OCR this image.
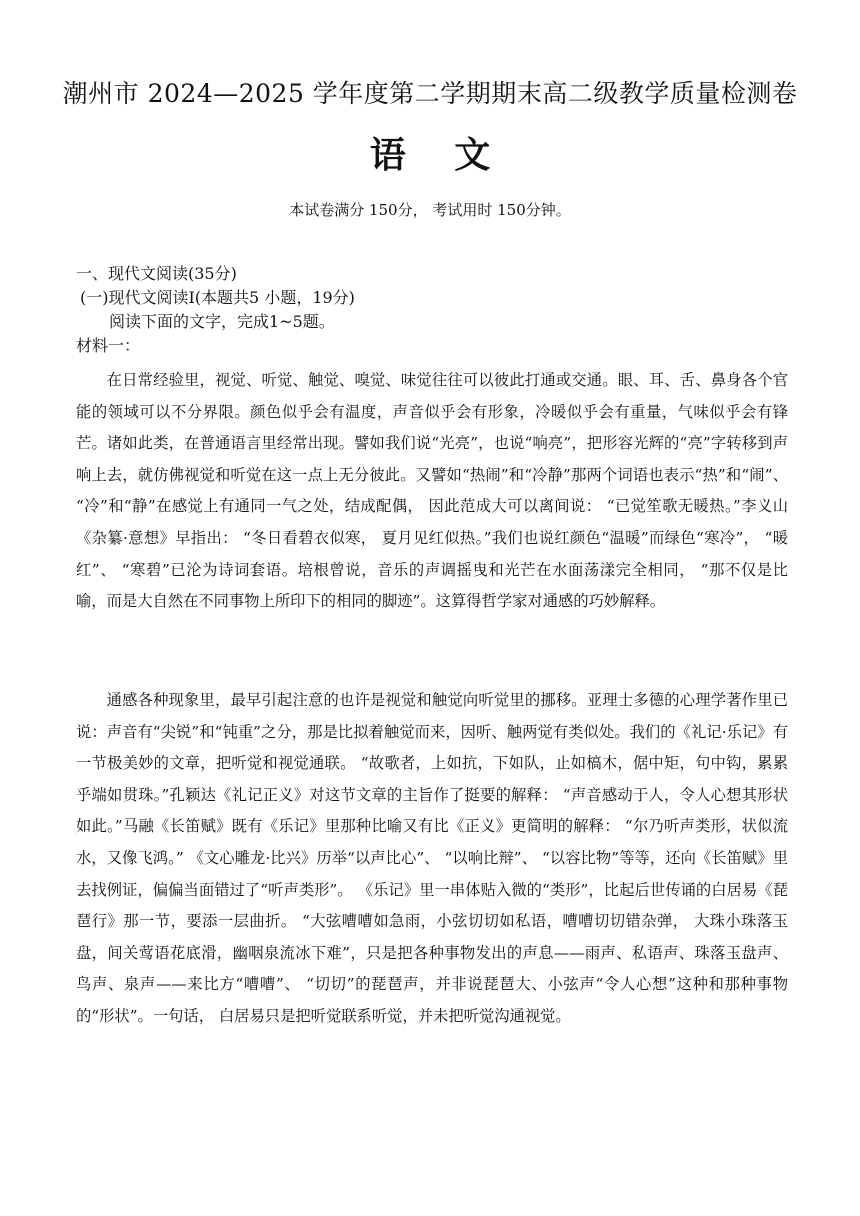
潮州市 2024—2025 学年度第二学期期末高二级教学质量检测卷
语 文
本试卷满分 150分， 考试用时 150分钟。
一、现代文阅读(35分)
(一)现代文阅读Ⅰ(本题共5 小题，19分)
阅读下面的文字，完成1~5题。
材料一：
在日常经验里，视觉、听觉、触觉、嗅觉、味觉往往可以彼此打通或交通。眼、耳、舌、鼻身各个官能的领域可以不分界限。颜色似乎会有温度，声音似乎会有形象，冷暖似乎会有重量，气味似乎会有锋芒。诸如此类，在普通语言里经常出现。譬如我们说“光亮”，也说“响亮”，把形容光辉的“亮”字转移到声响上去，就仿佛视觉和听觉在这一点上无分彼此。又譬如“热闹”和“冷静”那两个词语也表示“热”和“闹”、 “冷”和“静”在感觉上有通同一气之处，结成配偶， 因此范成大可以离间说： “已觉笙歌无暖热。”李义山《杂纂·意想》早指出： “冬日看碧衣似寒， 夏月见红似热。”我们也说红颜色“温暖”而绿色“寒冷”， “暖红”、 “寒碧”已沦为诗词套语。培根曾说，音乐的声调摇曳和光芒在水面荡漾完全相同， “那不仅是比喻，而是大自然在不同事物上所印下的相同的脚迹”。这算得哲学家对通感的巧妙解释。
通感各种现象里，最早引起注意的也许是视觉和触觉向听觉里的挪移。亚理士多德的心理学著作里已说：声音有“尖锐”和“钝重”之分，那是比拟着触觉而来，因听、触两觉有类似处。我们的《礼记·乐记》有一节极美妙的文章，把听觉和视觉通联。 “故歌者，上如抗，下如队，止如槁木，倨中矩，句中钩，累累乎端如贯珠。”孔颖达《礼记正义》对这节文章的主旨作了挺要的解释： “声音感动于人，令人心想其形状如此。”马融《长笛赋》既有《乐记》里那种比喻又有比《正义》更简明的解释： “尔乃听声类形，状似流水，又像飞鸿。” 《文心雕龙·比兴》历举“以声比心”、 “以响比辩”、 “以容比物”等等，还向《长笛赋》里去找例证，偏偏当面错过了“听声类形”。 《乐记》里一串体贴入微的“类形”，比起后世传诵的白居易《琵琶行》那一节，要添一层曲折。 “大弦嘈嘈如急雨，小弦切切如私语，嘈嘈切切错杂弹， 大珠小珠落玉盘，间关莺语花底滑，幽咽泉流冰下难”，只是把各种事物发出的声息——雨声、私语声、珠落玉盘声、 鸟声、泉声——来比方“嘈嘈”、 “切切”的琵琶声，并非说琵琶大、小弦声“令人心想”这种和那种事物的“形状”。一句话， 白居易只是把听觉联系听觉，并未把听觉沟通视觉。
